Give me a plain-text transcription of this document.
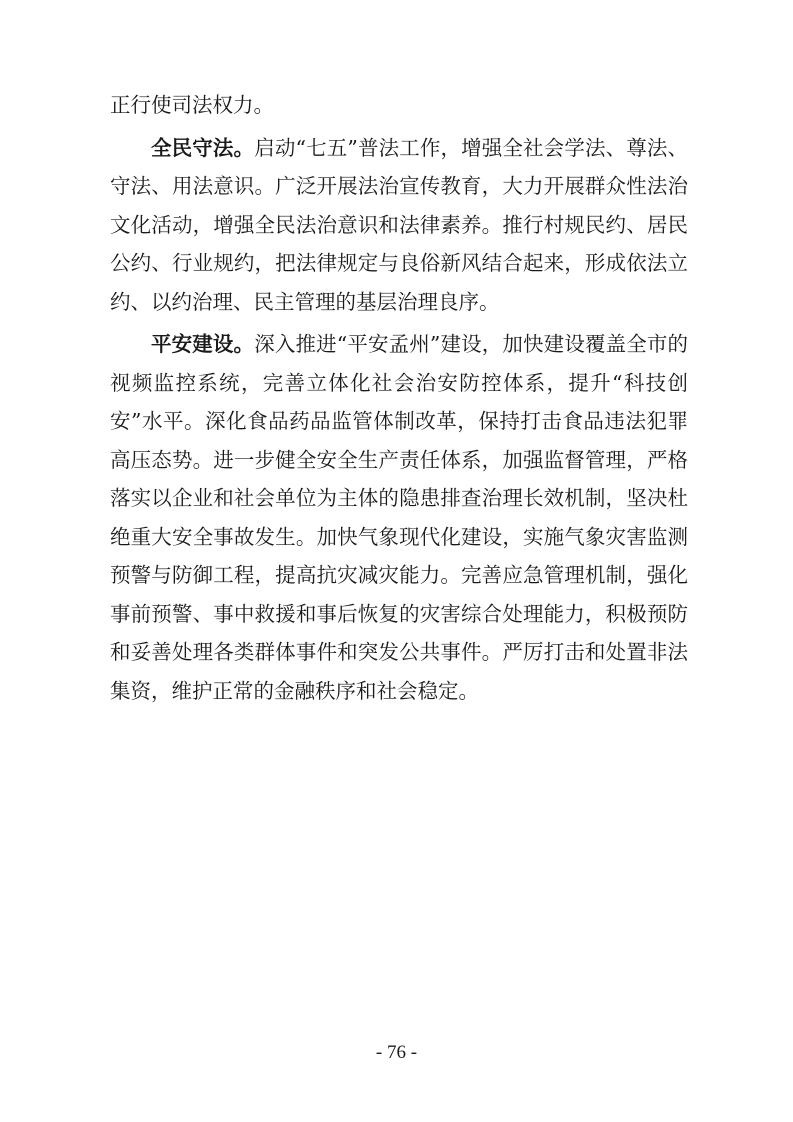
正行使司法权力。

全民守法。启动“七五”普法工作，增强全社会学法、尊法、守法、用法意识。广泛开展法治宣传教育，大力开展群众性法治文化活动，增强全民法治意识和法律素养。推行村规民约、居民公约、行业规约，把法律规定与良俗新风结合起来，形成依法立约、以约治理、民主管理的基层治理良序。

平安建设。深入推进“平安孟州”建设，加快建设覆盖全市的视频监控系统，完善立体化社会治安防控体系，提升“科技创安”水平。深化食品药品监管体制改革，保持打击食品违法犯罪高压态势。进一步健全安全生产责任体系，加强监督管理，严格落实以企业和社会单位为主体的隐患排查治理长效机制，坚决杜绝重大安全事故发生。加快气象现代化建设，实施气象灾害监测预警与防御工程，提高抗灾减灾能力。完善应急管理机制，强化事前预警、事中救援和事后恢复的灾害综合处理能力，积极预防和妥善处理各类群体事件和突发公共事件。严厉打击和处置非法集资，维护正常的金融秩序和社会稳定。

- 76 -
